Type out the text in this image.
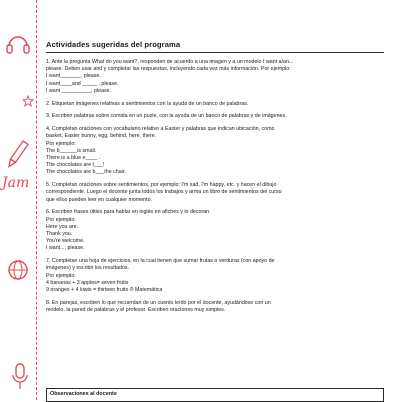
Jam
Actividades sugeridas del programa

1. Ante la pregunta What do you want?, responden de acuerdo a una imagen y a un modelo I want a/an...

please. Deben usar and y completar las respuestas, incluyendo cada vez más información. Por ejemplo:

I want_______, please.

I want____and _____ , please.

I want __________, please.

2. Etiquetan imágenes relativas a sentimientos con la ayuda de un banco de palabras.

3. Escriben palabras sobre comida en un puzle, con la ayuda de un banco de palabras y de imágenes.

4. Completan oraciones con vocabulario relativo a Easter y palabras que indican ubicación, como

basket, Easter bunny, egg, behind, here, there.

Por ejemplo:

The b______is small.

There is a blue e____ .

The chocolates are t___!

The chocolates are b___the chair.

5. Completan oraciones sobre sentimientos, por ejemplo: I'm sad, I'm happy, etc. y hacen el dibujo

correspondiente. Luego el docente junta todos los trabajos y arma un libro de sentimientos del curso

que ellos pueden leer en cualquier momento.

6. Escriben frases útiles para hablar en inglés en afiches y lo decoran.

Por ejemplo:

Here you are.

Thank you.

You're welcome.

I want..., please.

7. Completan una hoja de ejercicios, en la cual tienen que sumar frutas o verduras (con apoyo de

imágenes) y escribir los resultados.

Por ejemplo:

4 bananas + 3 apples= seven fruits

9 oranges + 4 kiwis = thirteen fruits ® Matemática

8. En parejas, escriben lo que recuerdan de un cuento leído por el docente, ayudándose con un

modelo, la pared de palabras y el profesor. Escriben oraciones muy simples.

Observaciones al docente
